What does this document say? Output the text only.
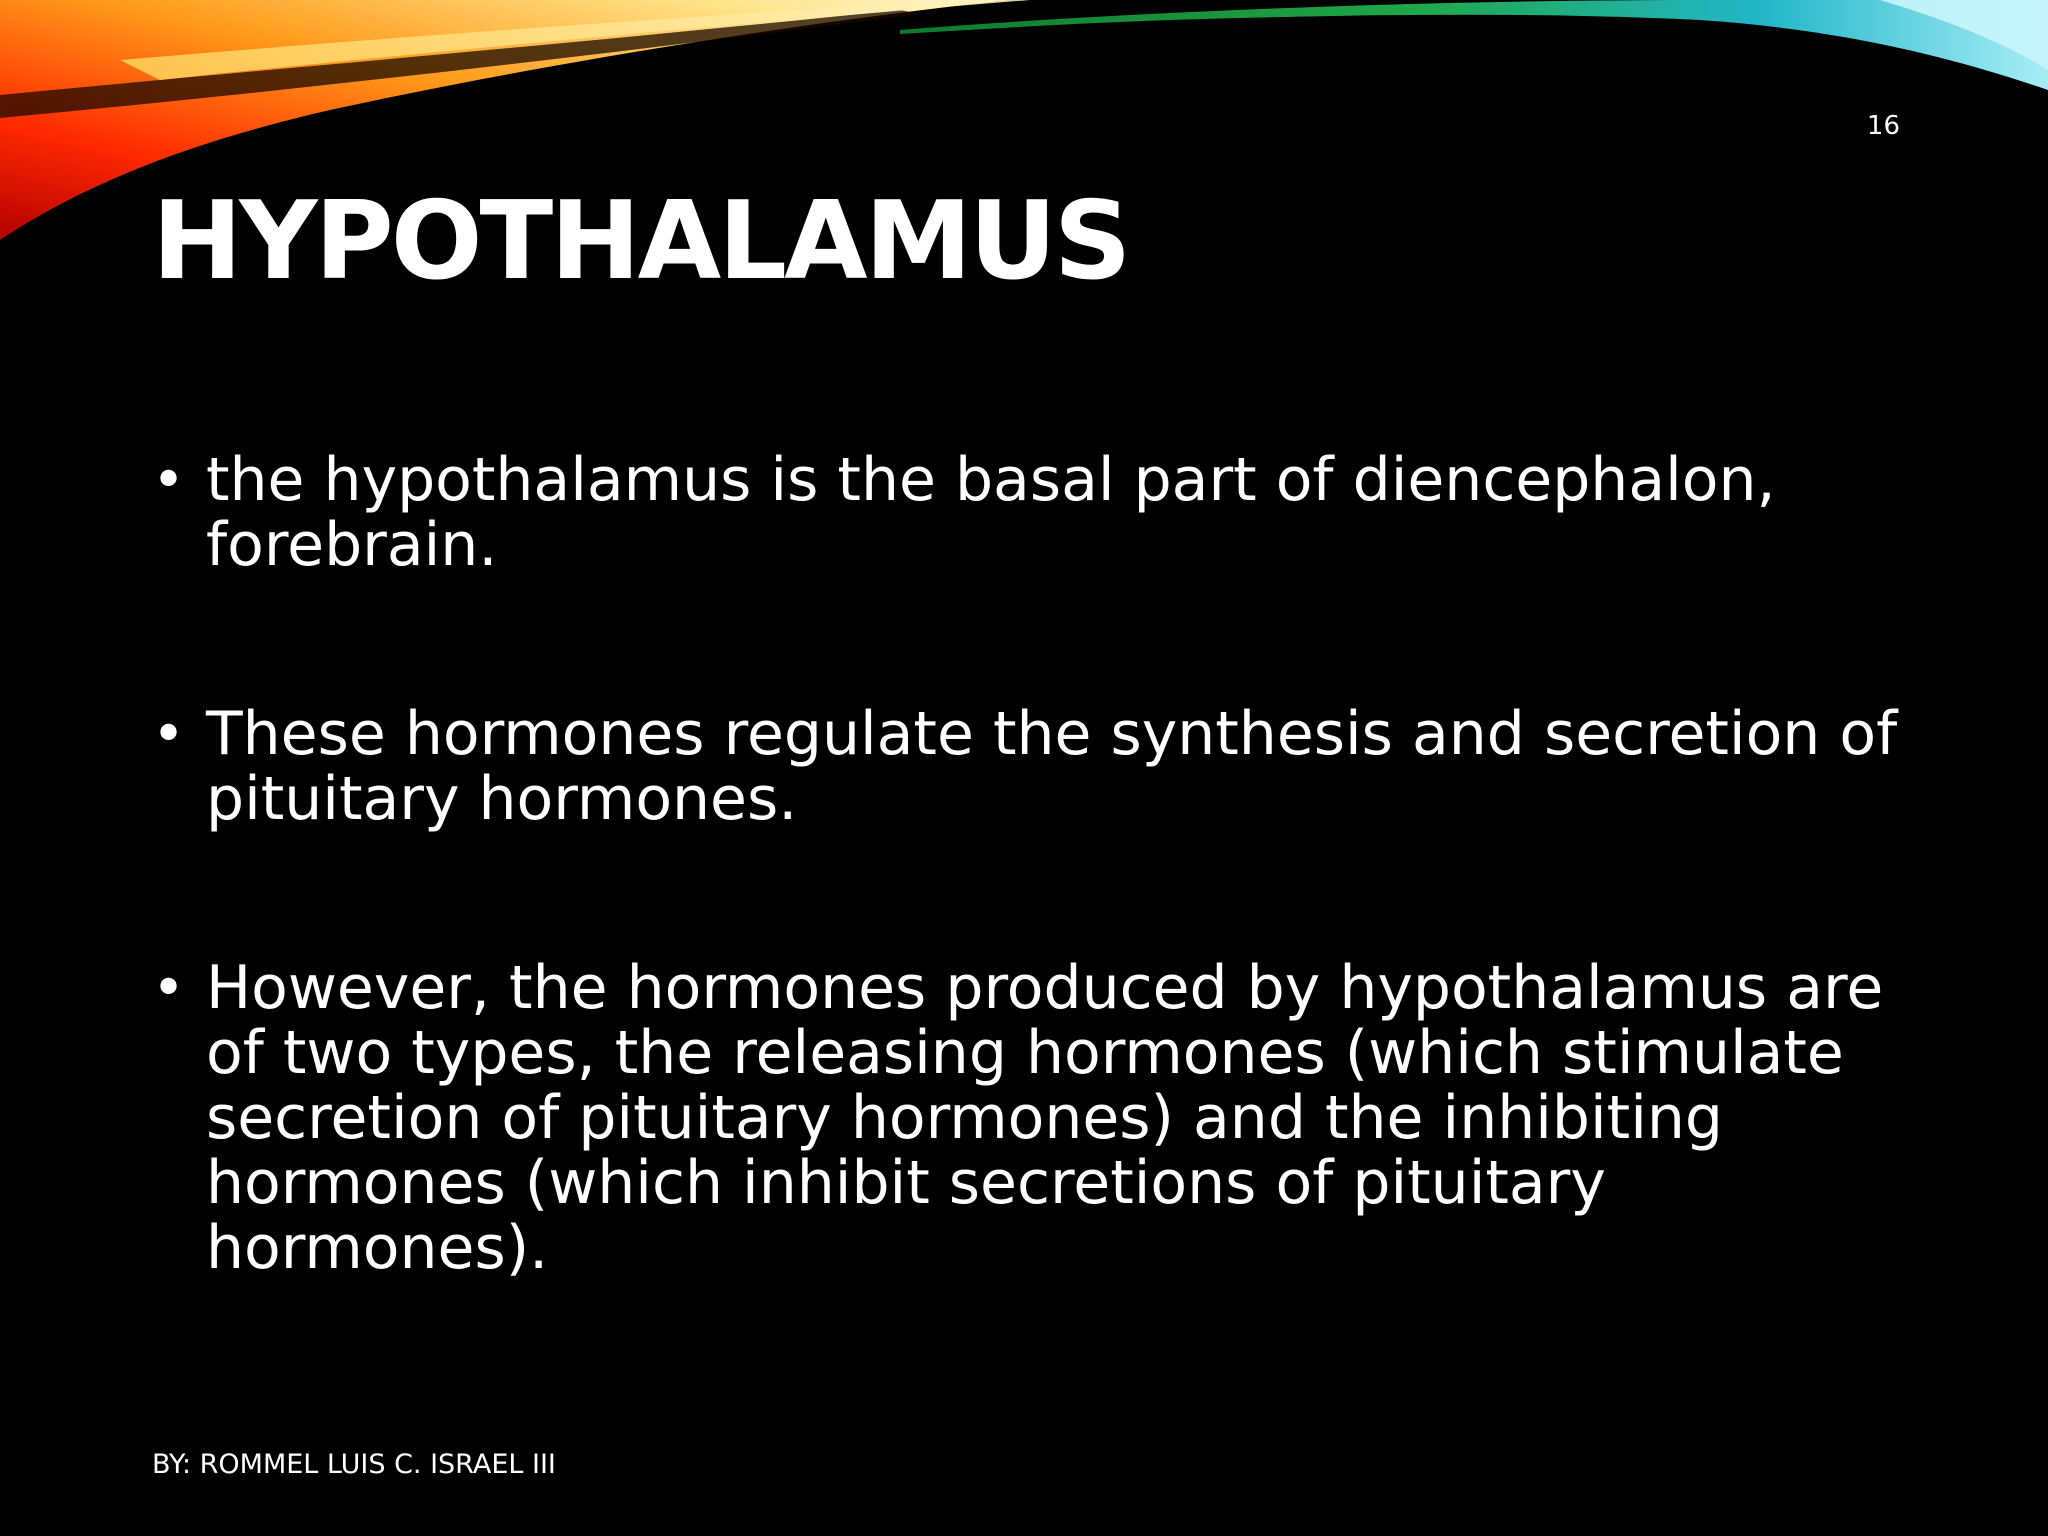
16
HYPOTHALAMUS
• the hypothalamus is the basal part of diencephalon, forebrain.
• These hormones regulate the synthesis and secretion of pituitary hormones.
• However, the hormones produced by hypothalamus are of two types, the releasing hormones (which stimulate secretion of pituitary hormones) and the inhibiting hormones (which inhibit secretions of pituitary hormones).
BY: ROMMEL LUIS C. ISRAEL III
